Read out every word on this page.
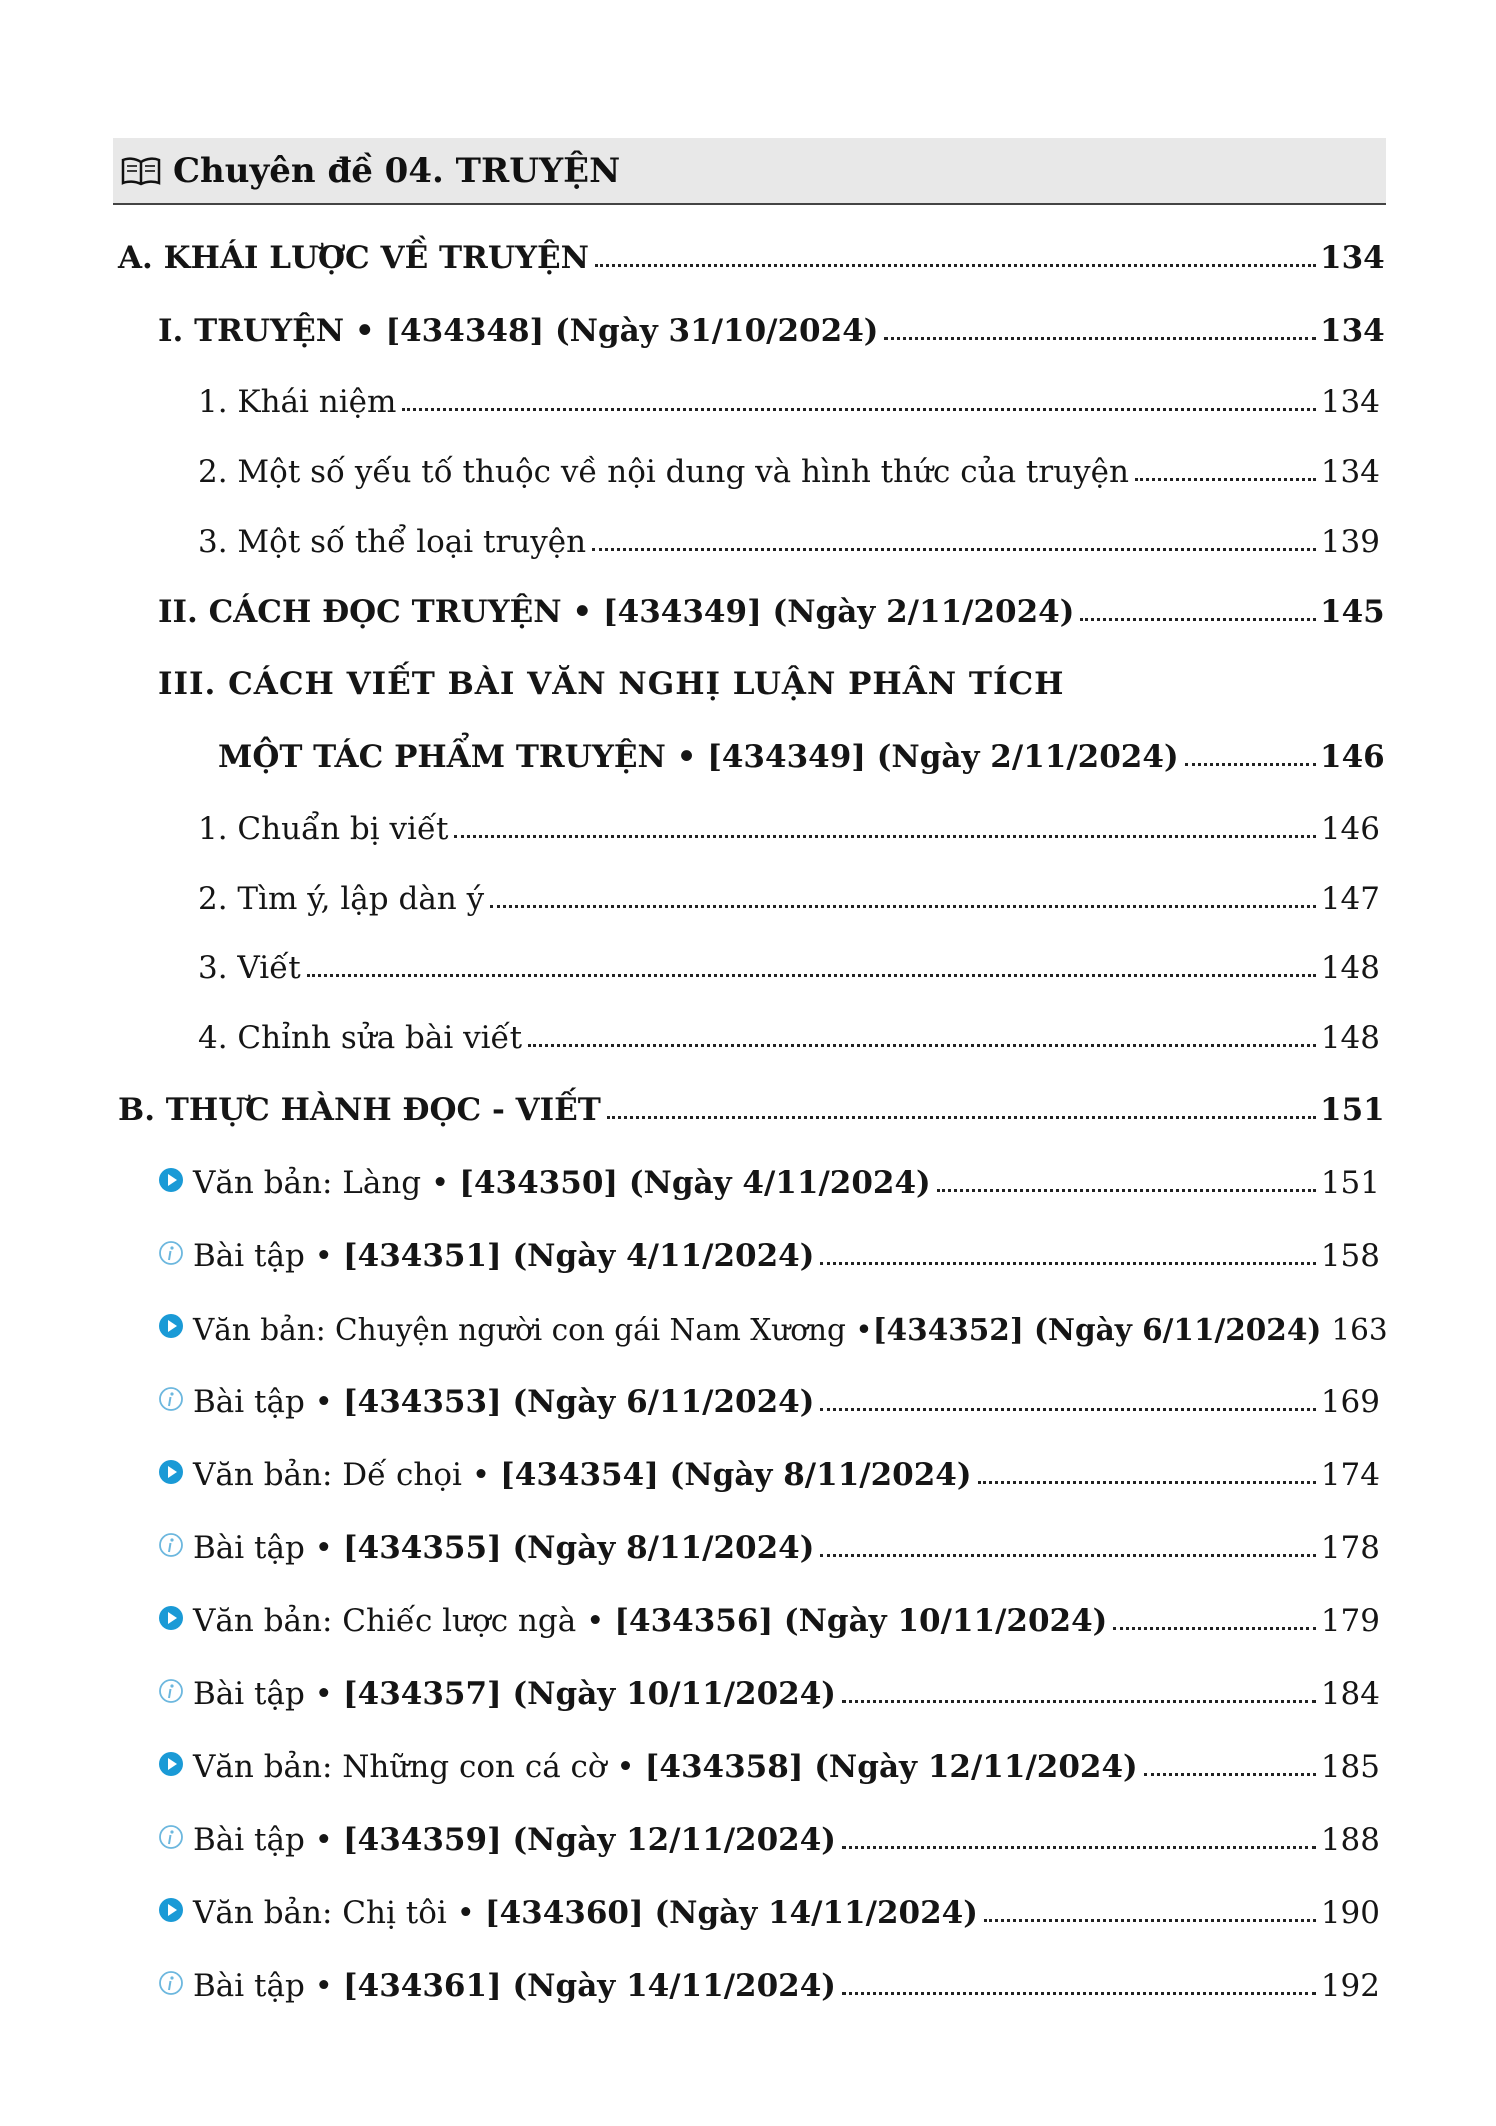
Chuyên đề 04. TRUYỆN
A. KHÁI LƯỢC VỀ TRUYỆN	134
I. TRUYỆN • [434348] (Ngày 31/10/2024)	134
1. Khái niệm	134
2. Một số yếu tố thuộc về nội dung và hình thức của truyện	134
3. Một số thể loại truyện	139
II. CÁCH ĐỌC TRUYỆN • [434349] (Ngày 2/11/2024)	145
III. CÁCH VIẾT BÀI VĂN NGHỊ LUẬN PHÂN TÍCH
MỘT TÁC PHẨM TRUYỆN • [434349] (Ngày 2/11/2024)	146
1. Chuẩn bị viết	146
2. Tìm ý, lập dàn ý	147
3. Viết	148
4. Chỉnh sửa bài viết	148
B. THỰC HÀNH ĐỌC - VIẾT	151
Văn bản: Làng • [434350] (Ngày 4/11/2024)	151
Bài tập • [434351] (Ngày 4/11/2024)	158
Văn bản: Chuyện người con gái Nam Xương • [434352] (Ngày 6/11/2024) 163
Bài tập • [434353] (Ngày 6/11/2024)	169
Văn bản: Dế chọi • [434354] (Ngày 8/11/2024)	174
Bài tập • [434355] (Ngày 8/11/2024)	178
Văn bản: Chiếc lược ngà • [434356] (Ngày 10/11/2024)	179
Bài tập • [434357] (Ngày 10/11/2024)	184
Văn bản: Những con cá cờ • [434358] (Ngày 12/11/2024)	185
Bài tập • [434359] (Ngày 12/11/2024)	188
Văn bản: Chị tôi • [434360] (Ngày 14/11/2024)	190
Bài tập • [434361] (Ngày 14/11/2024)	192
